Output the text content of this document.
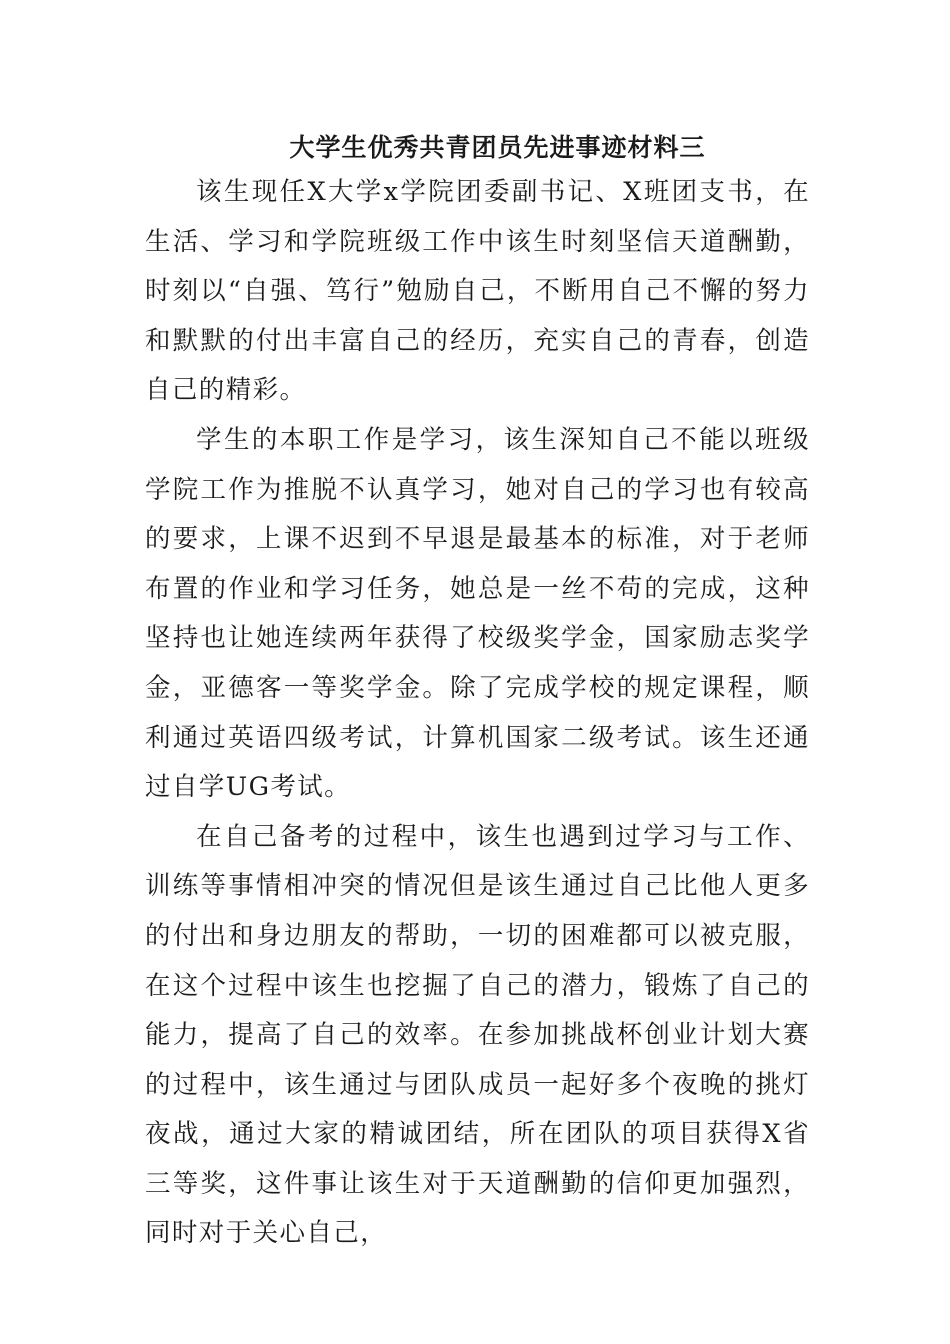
大学生优秀共青团员先进事迹材料三

该生现任X大学x学院团委副书记、X班团支书，在生活、学习和学院班级工作中该生时刻坚信天道酬勤，时刻以“自强、笃行”勉励自己，不断用自己不懈的努力和默默的付出丰富自己的经历，充实自己的青春，创造自己的精彩。

学生的本职工作是学习，该生深知自己不能以班级学院工作为推脱不认真学习，她对自己的学习也有较高的要求，上课不迟到不早退是最基本的标准，对于老师布置的作业和学习任务，她总是一丝不苟的完成，这种坚持也让她连续两年获得了校级奖学金，国家励志奖学金，亚德客一等奖学金。除了完成学校的规定课程，顺利通过英语四级考试，计算机国家二级考试。该生还通过自学UG考试。

在自己备考的过程中，该生也遇到过学习与工作、训练等事情相冲突的情况但是该生通过自己比他人更多的付出和身边朋友的帮助，一切的困难都可以被克服，在这个过程中该生也挖掘了自己的潜力，锻炼了自己的能力，提高了自己的效率。在参加挑战杯创业计划大赛的过程中，该生通过与团队成员一起好多个夜晚的挑灯夜战，通过大家的精诚团结，所在团队的项目获得X省三等奖，这件事让该生对于天道酬勤的信仰更加强烈，同时对于关心自己，
